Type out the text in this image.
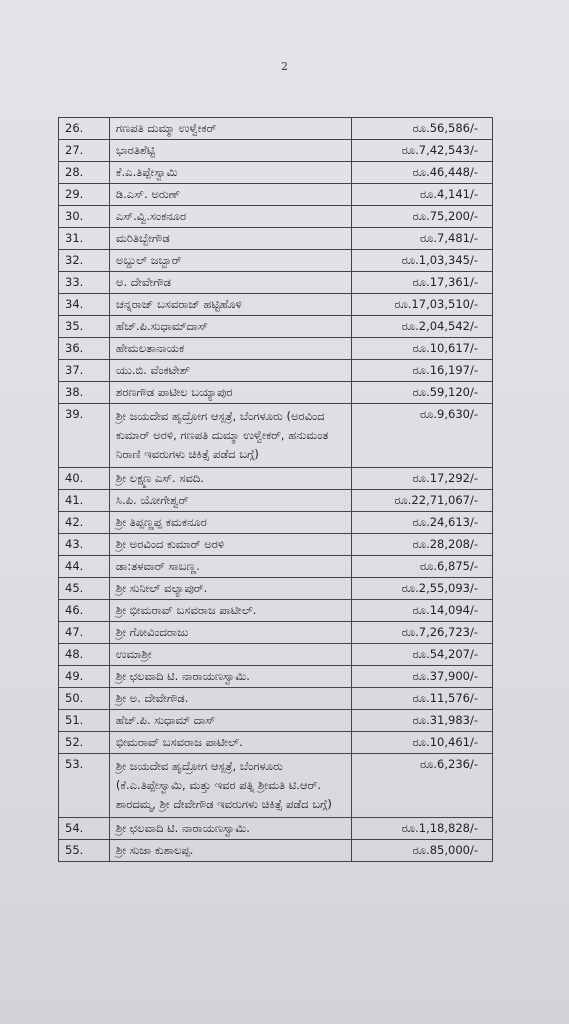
2
26.	ಗಣಪತಿ ದುಮ್ಮಾ ಉಳ್ವೇಕರ್	ರೂ.56,586/-
27.	ಭಾರತಿಶೆಟ್ಟಿ	ರೂ.7,42,543/-
28.	ಕೆ.ಎ.ತಿಪ್ಪೇಸ್ವಾಮಿ	ರೂ.46,448/-
29.	ಡಿ.ಎಸ್. ಅರುಣ್	ರೂ.4,141/-
30.	ಎಸ್.ವ್ವಿ.ಸಂಕನೂರ	ರೂ.75,200/-
31.	ಮರಿತಿಬ್ಬೇಗೌಡ	ರೂ.7,481/-
32.	ಅಬ್ದುಲ್ ಜಬ್ಬಾರ್	ರೂ.1,03,345/-
33.	ಅ. ದೇವೇಗೌಡ	ರೂ.17,361/-
34.	ಚನ್ನರಾಜ್ ಬಸವರಾಜ್ ಹಟ್ಟಿಹೊಳಿ	ರೂ.17,03,510/-
35.	ಹೆಚ್.ಪಿ.ಸುಧಾಮ್‌ದಾಸ್	ರೂ.2,04,542/-
36.	ಹೇಮಲತಾನಾಯಕ	ರೂ.10,617/-
37.	ಯು.ಬಿ. ವೆಂಕಟೇಶ್	ರೂ.16,197/-
38.	ಶರಣಗೌಡ ಪಾಟೀಲ ಬಯ್ಯಾಪುರ	ರೂ.59,120/-
39.	ಶ್ರೀ ಜಯದೇವ ಹೃದ್ರೋಗ ಆಸ್ಪತ್ರೆ, ಬೆಂಗಳೂರು (ಅರವಿಂದ ಕುಮಾರ್ ಅರಳಿ, ಗಣಪತಿ ದುಮ್ಮಾ ಉಳ್ವೇಕರ್, ಹನುಮಂತ ನಿರಾಣಿ ಇವರುಗಳು ಚಿಕಿತ್ಸೆ ಪಡೆದ ಬಗ್ಗೆ)	ರೂ.9,630/-
40.	ಶ್ರೀ ಲಕ್ಷ್ಮಣ ಎಸ್. ಸವದಿ.	ರೂ.17,292/-
41.	ಸಿ.ಪಿ. ಯೋಗೇಶ್ವರ್	ರೂ.22,71,067/-
42.	ಶ್ರೀ ತಿಪ್ಪಣ್ಣಪ್ಪ ಕಮಕನೂರ	ರೂ.24,613/-
43.	ಶ್ರೀ ಅರವಿಂದ ಕುಮಾರ್ ಅರಳಿ	ರೂ.28,208/-
44.	ಡಾ:ತಳವಾರ್ ಸಾಬಣ್ಣ.	ರೂ.6,875/-
45.	ಶ್ರೀ ಸುನೀಲ್ ವಲ್ಯಾಪುರ್.	ರೂ.2,55,093/-
46.	ಶ್ರೀ ಭೀಮರಾವ್ ಬಸವರಾಜ ಪಾಟೀಲ್.	ರೂ.14,094/-
47.	ಶ್ರೀ ಗೋವಿಂದರಾಜು	ರೂ.7,26,723/-
48.	ಉಮಾಶ್ರೀ	ರೂ.54,207/-
49.	ಶ್ರೀ ಛಲವಾದಿ ಟಿ. ನಾರಾಯಣಸ್ವಾಮಿ.	ರೂ.37,900/-
50.	ಶ್ರೀ ಅ. ದೇವೇಗೌಡ.	ರೂ.11,576/-
51.	ಹೆಚ್.ಪಿ. ಸುಧಾಮ್ ದಾಸ್	ರೂ.31,983/-
52.	ಭೀಮರಾವ್ ಬಸವರಾಜ ಪಾಟೀಲ್.	ರೂ.10,461/-
53.	ಶ್ರೀ ಜಯದೇವ ಹೃದ್ರೋಗ ಆಸ್ಪತ್ರೆ, ಬೆಂಗಳೂರು (ಕೆ.ಎ.ತಿಪ್ಪೇಸ್ವಾಮಿ, ಮತ್ತು ಇವರ ಪತ್ನಿ ಶ್ರೀಮತಿ ಟಿ.ಆರ್. ಶಾರದಮ್ಮ, ಶ್ರೀ ದೇವೇಗೌಡ ಇವರುಗಳು ಚಿಕಿತ್ಸೆ ಪಡೆದ ಬಗ್ಗೆ)	ರೂ.6,236/-
54.	ಶ್ರೀ ಛಲವಾದಿ ಟಿ. ನಾರಾಯಣಸ್ವಾಮಿ.	ರೂ.1,18,828/-
55.	ಶ್ರೀ ಸುಜಾ ಕುಶಾಲಪ್ಪ.	ರೂ.85,000/-
